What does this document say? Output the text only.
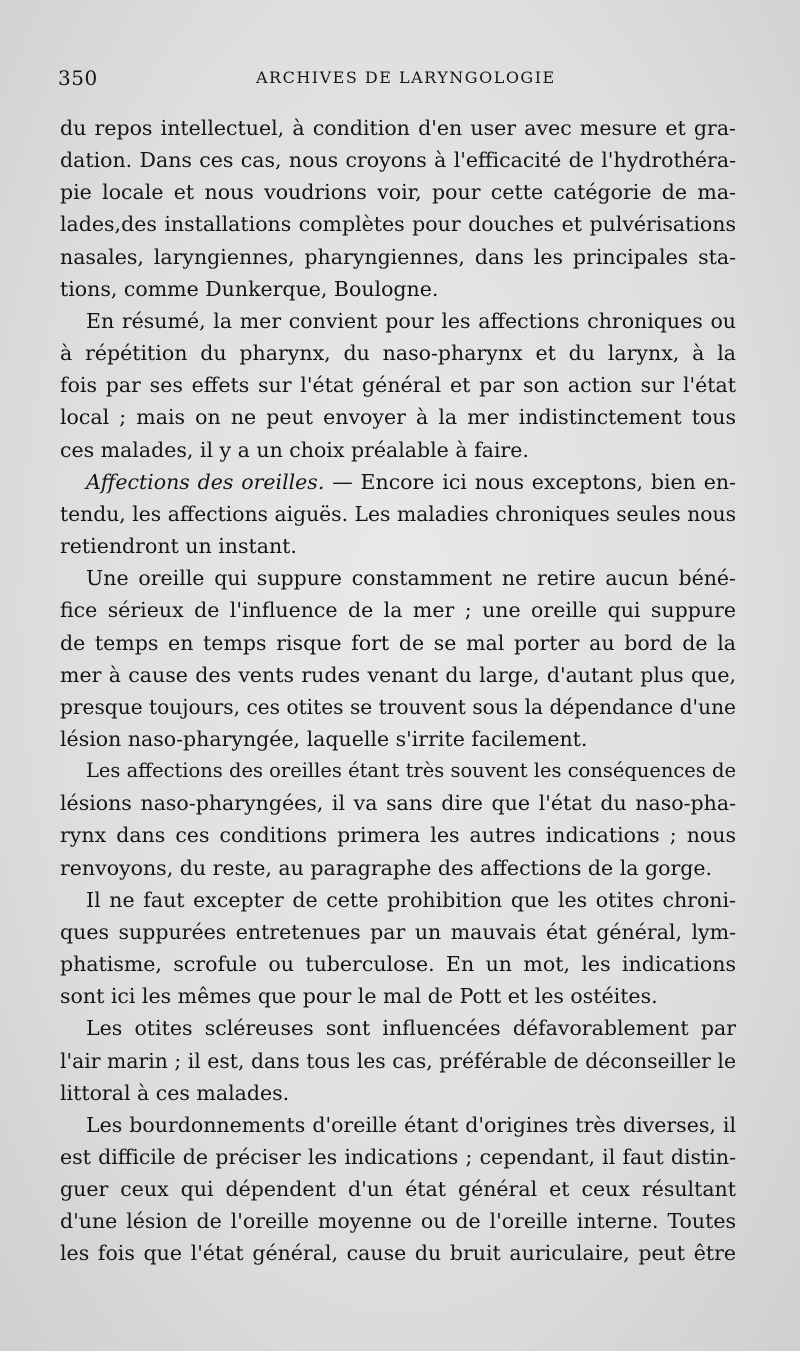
350	ARCHIVES DE LARYNGOLOGIE
du repos intellectuel, à condition d'en user avec mesure et gra-
dation. Dans ces cas, nous croyons à l'efficacité de l'hydrothéra-
pie locale et nous voudrions voir, pour cette catégorie de ma-
lades,des installations complètes pour douches et pulvérisations
nasales, laryngiennes, pharyngiennes, dans les principales sta-
tions, comme Dunkerque, Boulogne.
En résumé, la mer convient pour les affections chroniques ou
à répétition du pharynx, du naso-pharynx et du larynx, à la
fois par ses effets sur l'état général et par son action sur l'état
local ; mais on ne peut envoyer à la mer indistinctement tous
ces malades, il y a un choix préalable à faire.
Affections des oreilles. — Encore ici nous exceptons, bien en-
tendu, les affections aiguës. Les maladies chroniques seules nous
retiendront un instant.
Une oreille qui suppure constamment ne retire aucun béné-
fice sérieux de l'influence de la mer ; une oreille qui suppure
de temps en temps risque fort de se mal porter au bord de la
mer à cause des vents rudes venant du large, d'autant plus que,
presque toujours, ces otites se trouvent sous la dépendance d'une
lésion naso-pharyngée, laquelle s'irrite facilement.
Les affections des oreilles étant très souvent les conséquences de
lésions naso-pharyngées, il va sans dire que l'état du naso-pha-
rynx dans ces conditions primera les autres indications ; nous
renvoyons, du reste, au paragraphe des affections de la gorge.
Il ne faut excepter de cette prohibition que les otites chroni-
ques suppurées entretenues par un mauvais état général, lym-
phatisme, scrofule ou tuberculose. En un mot, les indications
sont ici les mêmes que pour le mal de Pott et les ostéites.
Les otites scléreuses sont influencées défavorablement par
l'air marin ; il est, dans tous les cas, préférable de déconseiller le
littoral à ces malades.
Les bourdonnements d'oreille étant d'origines très diverses, il
est difficile de préciser les indications ; cependant, il faut distin-
guer ceux qui dépendent d'un état général et ceux résultant
d'une lésion de l'oreille moyenne ou de l'oreille interne. Toutes
les fois que l'état général, cause du bruit auriculaire, peut être
